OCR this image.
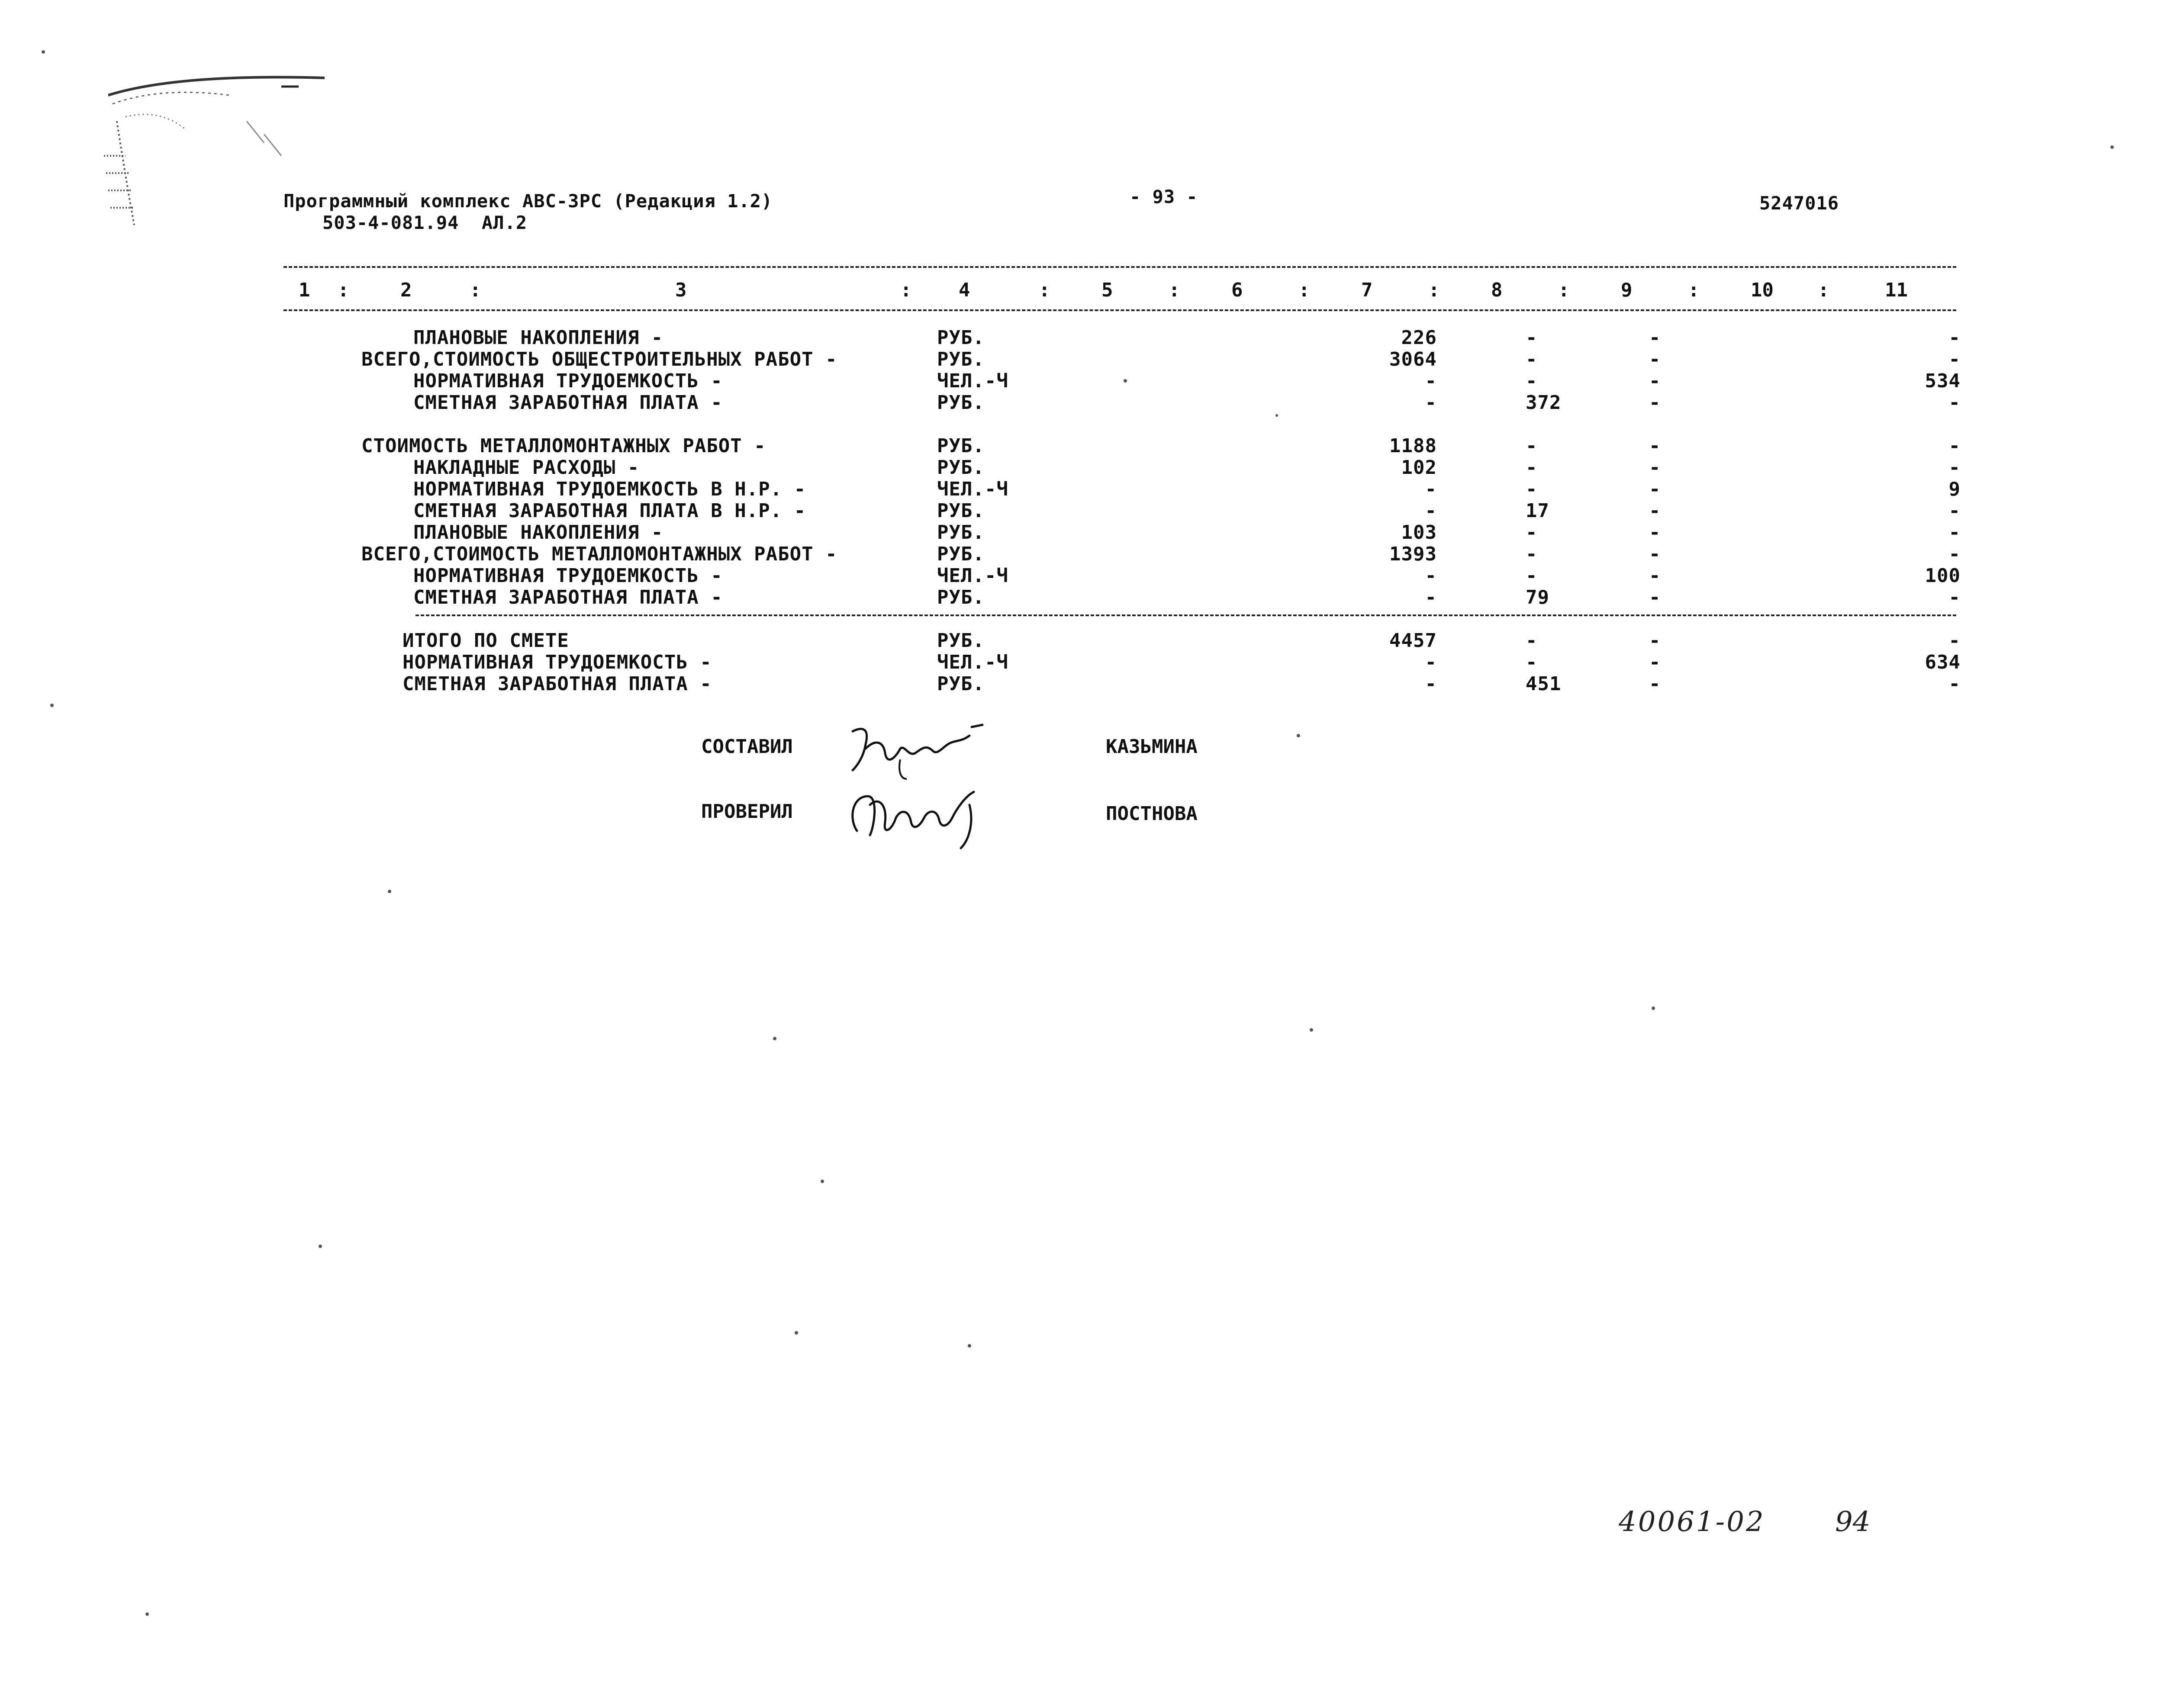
Программный комплекс АВС-3РС (Редакция 1.2)
503-4-081.94  АЛ.2
- 93 -	5247016
1 :	2	:	3	: 4	:	5	:	6	:	7	:	8	:	9	:	10 :	11
ПЛАНОВЫЕ НАКОПЛЕНИЯ -	РУБ.	226	-	-	-
ВСЕГО,СТОИМОСТЬ ОБЩЕСТРОИТЕЛЬНЫХ РАБОТ -	РУБ.	3064	-	-	-
НОРМАТИВНАЯ ТРУДОЕМКОСТЬ -	ЧЕЛ.-Ч	-	-	-	534
СМЕТНАЯ ЗАРАБОТНАЯ ПЛАТА -	РУБ.	-	372	-	-
СТОИМОСТЬ МЕТАЛЛОМОНТАЖНЫХ РАБОТ -	РУБ.	1188	-	-	-
НАКЛАДНЫЕ РАСХОДЫ -	РУБ.	102	-	-	-
НОРМАТИВНАЯ ТРУДОЕМКОСТЬ В Н.Р. -	ЧЕЛ.-Ч	-	-	-	9
СМЕТНАЯ ЗАРАБОТНАЯ ПЛАТА В Н.Р. -	РУБ.	-	17	-	-
ПЛАНОВЫЕ НАКОПЛЕНИЯ -	РУБ.	103	-	-	-
ВСЕГО,СТОИМОСТЬ МЕТАЛЛОМОНТАЖНЫХ РАБОТ -	РУБ.	1393	-	-	-
НОРМАТИВНАЯ ТРУДОЕМКОСТЬ -	ЧЕЛ.-Ч	-	-	-	100
СМЕТНАЯ ЗАРАБОТНАЯ ПЛАТА -	РУБ.	-	79	-	-
ИТОГО ПО СМЕТЕ	РУБ.	4457	-	-	-
НОРМАТИВНАЯ ТРУДОЕМКОСТЬ -	ЧЕЛ.-Ч	-	-	-	634
СМЕТНАЯ ЗАРАБОТНАЯ ПЛАТА -	РУБ.	-	451	-	-
СОСТАВИЛ	КАЗЬМИНА
ПРОВЕРИЛ	ПОСТНОВА
40061-02	94
